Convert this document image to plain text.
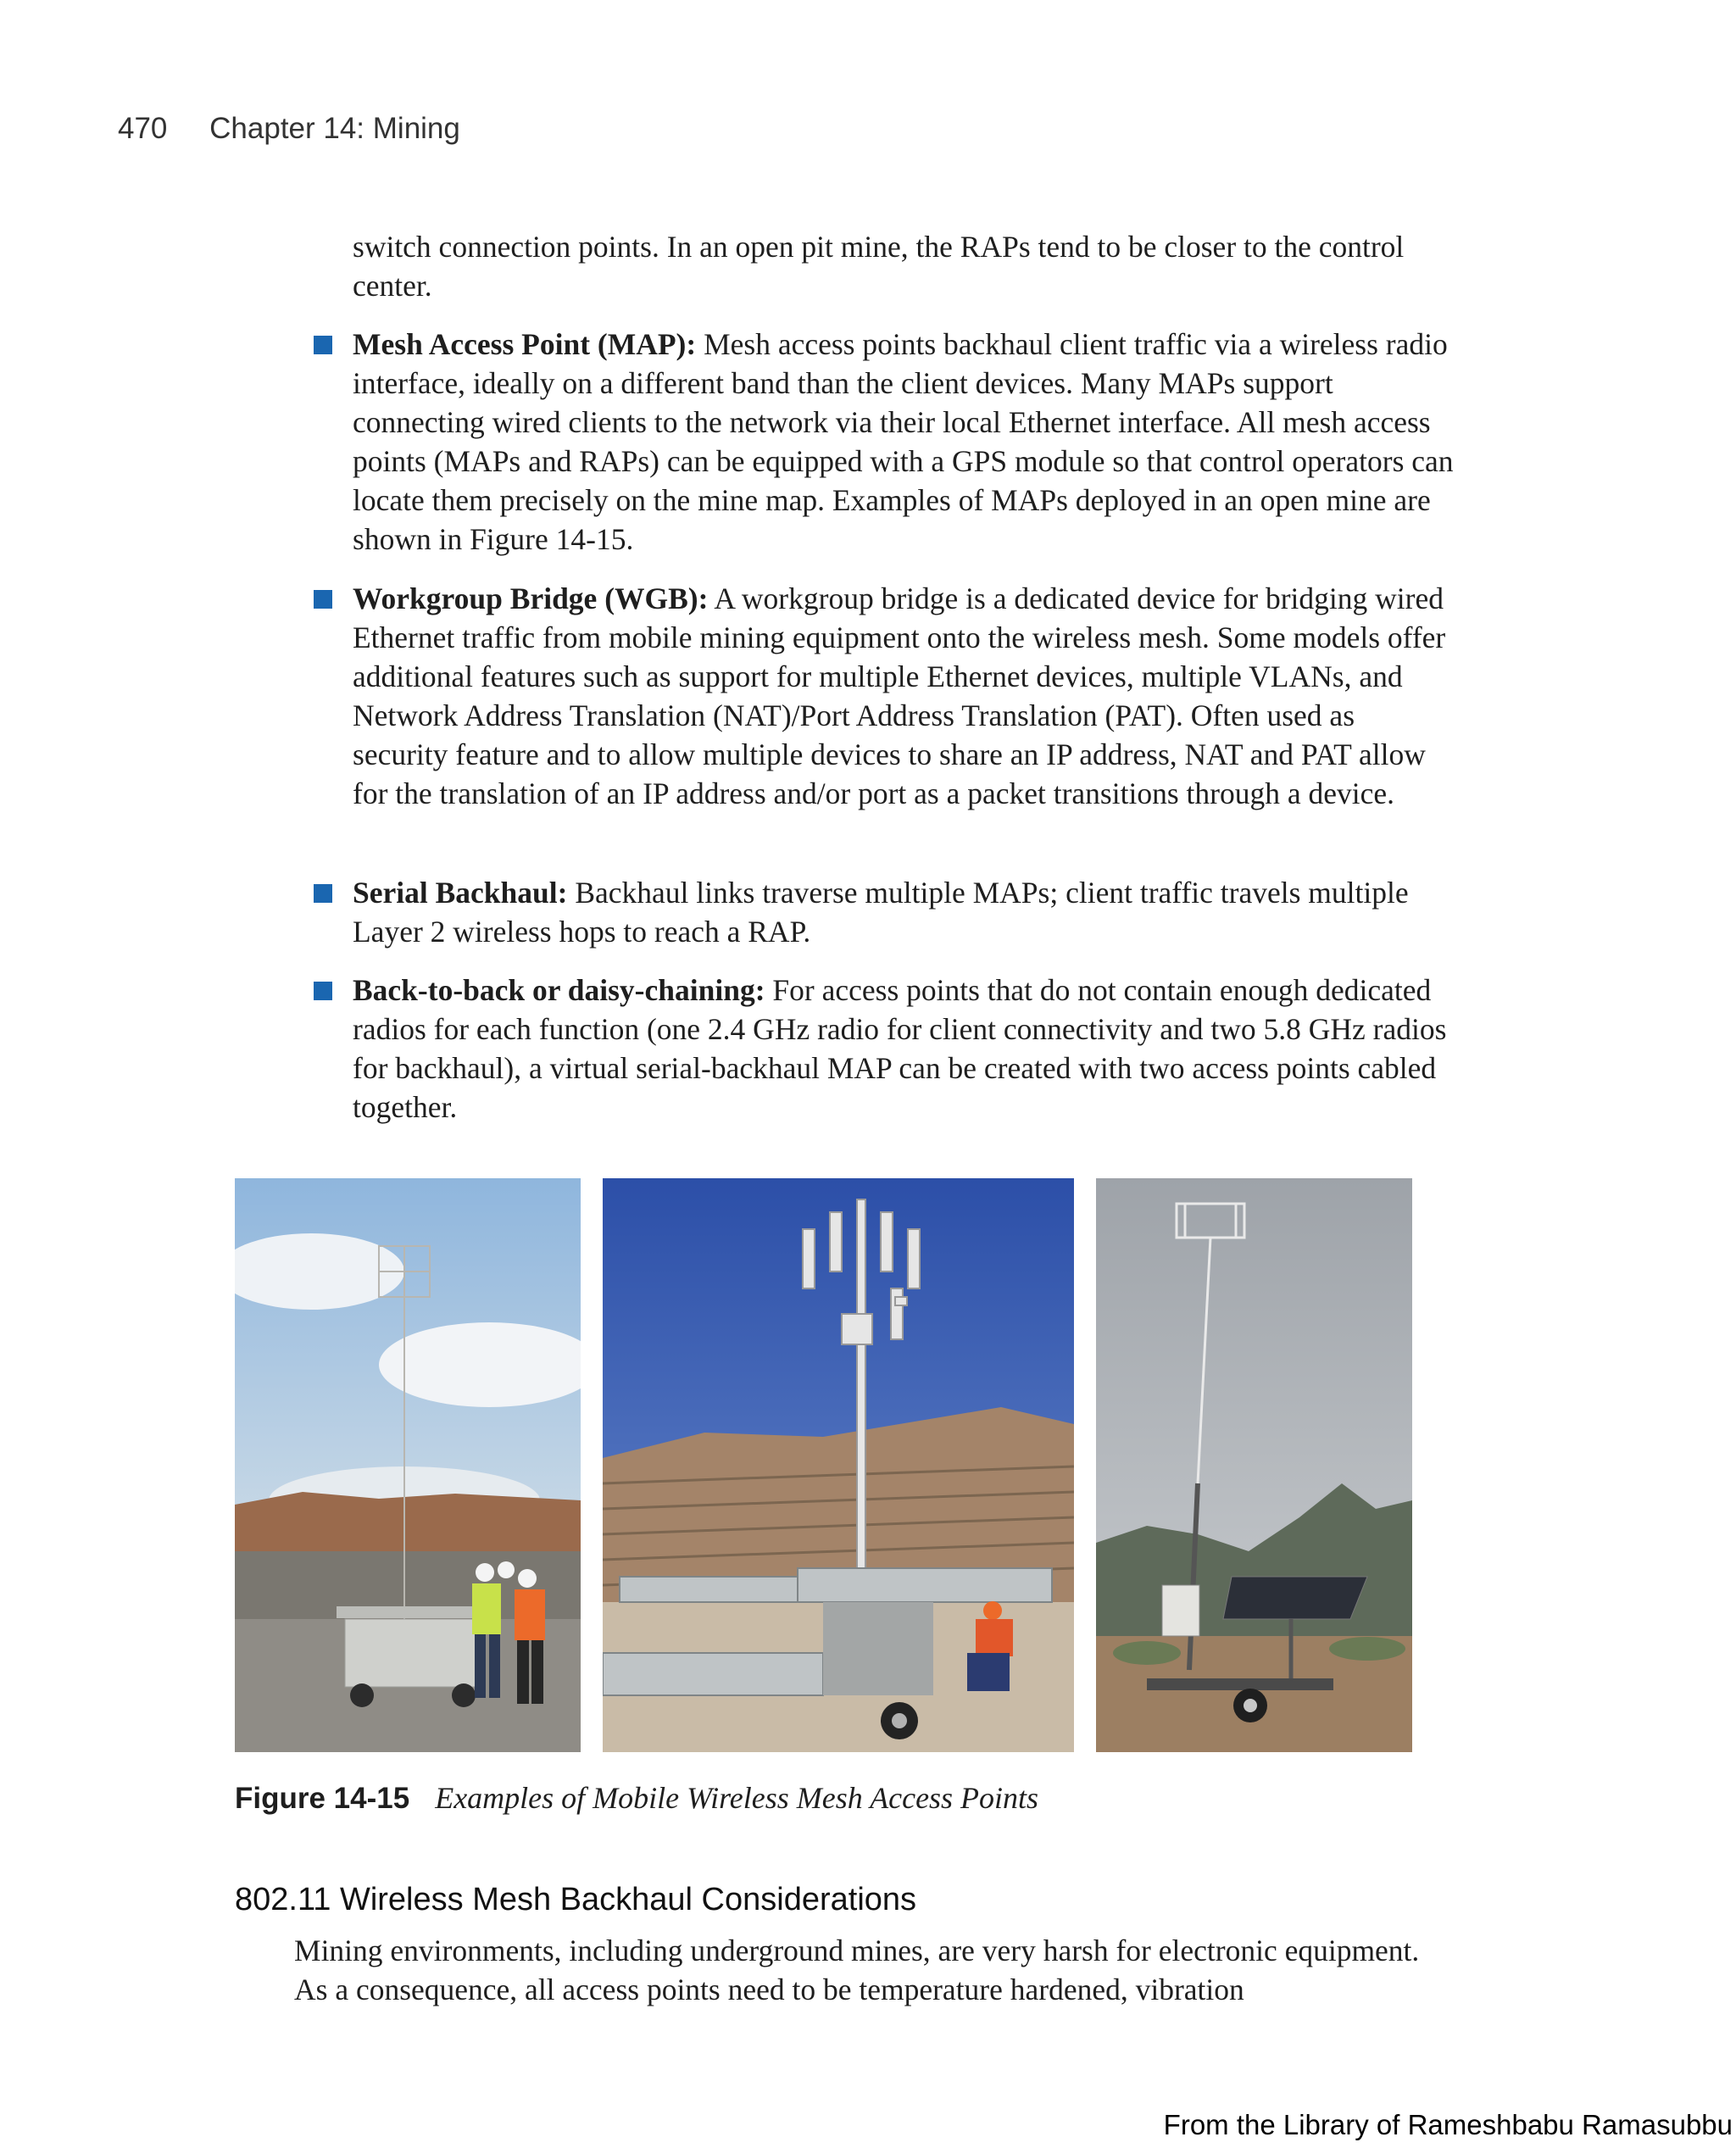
470 Chapter 14: Mining
switch connection points. In an open pit mine, the RAPs tend to be closer to the control center.
Mesh Access Point (MAP): Mesh access points backhaul client traffic via a wireless radio interface, ideally on a different band than the client devices. Many MAPs support connecting wired clients to the network via their local Ethernet interface. All mesh access points (MAPs and RAPs) can be equipped with a GPS module so that control operators can locate them precisely on the mine map. Examples of MAPs deployed in an open mine are shown in Figure 14-15.
Workgroup Bridge (WGB): A workgroup bridge is a dedicated device for bridging wired Ethernet traffic from mobile mining equipment onto the wireless mesh. Some models offer additional features such as support for multiple Ethernet devices, multiple VLANs, and Network Address Translation (NAT)/Port Address Translation (PAT). Often used as security feature and to allow multiple devices to share an IP address, NAT and PAT allow for the translation of an IP address and/or port as a packet transitions through a device.
Serial Backhaul: Backhaul links traverse multiple MAPs; client traffic travels multiple Layer 2 wireless hops to reach a RAP.
Back-to-back or daisy-chaining: For access points that do not contain enough dedicated radios for each function (one 2.4 GHz radio for client connectivity and two 5.8 GHz radios for backhaul), a virtual serial-backhaul MAP can be created with two access points cabled together.
Figure 14-15 Examples of Mobile Wireless Mesh Access Points
802.11 Wireless Mesh Backhaul Considerations
Mining environments, including underground mines, are very harsh for electronic equipment. As a consequence, all access points need to be temperature hardened, vibration
From the Library of Rameshbabu Ramasubbu
